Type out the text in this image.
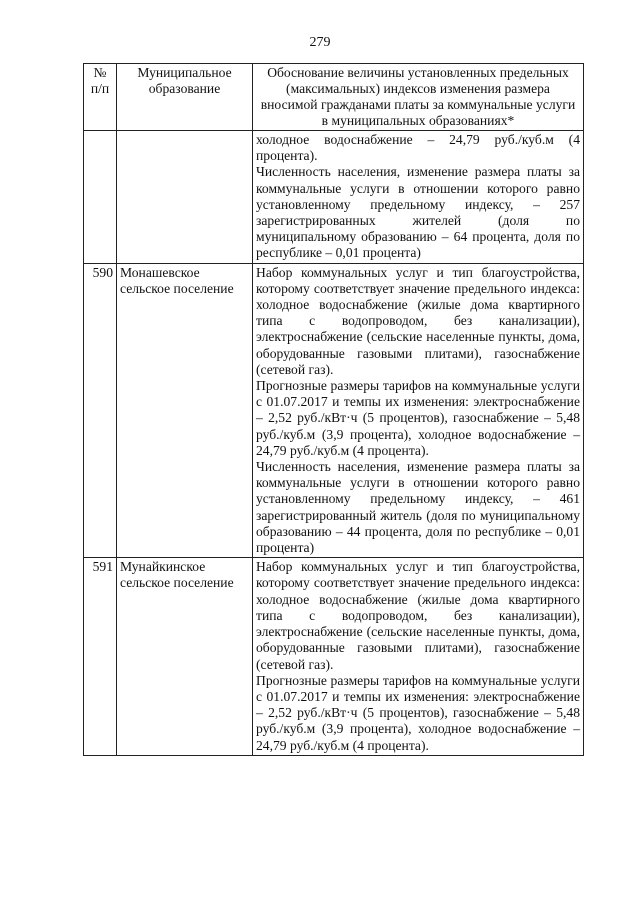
279
№ п/п	Муниципальное образование	Обоснование величины установленных предельных (максимальных) индексов изменения размера вносимой гражданами платы за коммунальные услуги в муниципальных образованиях*

		холодное водоснабжение – 24,79 руб./куб.м (4 процента).
Численность населения, изменение размера платы за коммунальные услуги в отношении которого равно установленному предельному индексу, – 257 зарегистрированных жителей (доля по муниципальному образованию – 64 процента, доля по республике – 0,01 процента)

590	Монашевское сельское поселение	Набор коммунальных услуг и тип благоустройства, которому соответствует значение предельного индекса: холодное водоснабжение (жилые дома квартирного типа с водопроводом, без канализации), электроснабжение (сельские населенные пункты, дома, оборудованные газовыми плитами), газоснабжение (сетевой газ).
Прогнозные размеры тарифов на коммунальные услуги с 01.07.2017 и темпы их изменения: электроснабжение – 2,52 руб./кВт·ч (5 процентов), газоснабжение – 5,48 руб./куб.м (3,9 процента), холодное водоснабжение – 24,79 руб./куб.м (4 процента).
Численность населения, изменение размера платы за коммунальные услуги в отношении которого равно установленному предельному индексу, – 461 зарегистрированный житель (доля по муниципальному образованию – 44 процента, доля по республике – 0,01 процента)

591	Мунайкинское сельское поселение	Набор коммунальных услуг и тип благоустройства, которому соответствует значение предельного индекса: холодное водоснабжение (жилые дома квартирного типа с водопроводом, без канализации), электроснабжение (сельские населенные пункты, дома, оборудованные газовыми плитами), газоснабжение (сетевой газ).
Прогнозные размеры тарифов на коммунальные услуги с 01.07.2017 и темпы их изменения: электроснабжение – 2,52 руб./кВт·ч (5 процентов), газоснабжение – 5,48 руб./куб.м (3,9 процента), холодное водоснабжение – 24,79 руб./куб.м (4 процента).
